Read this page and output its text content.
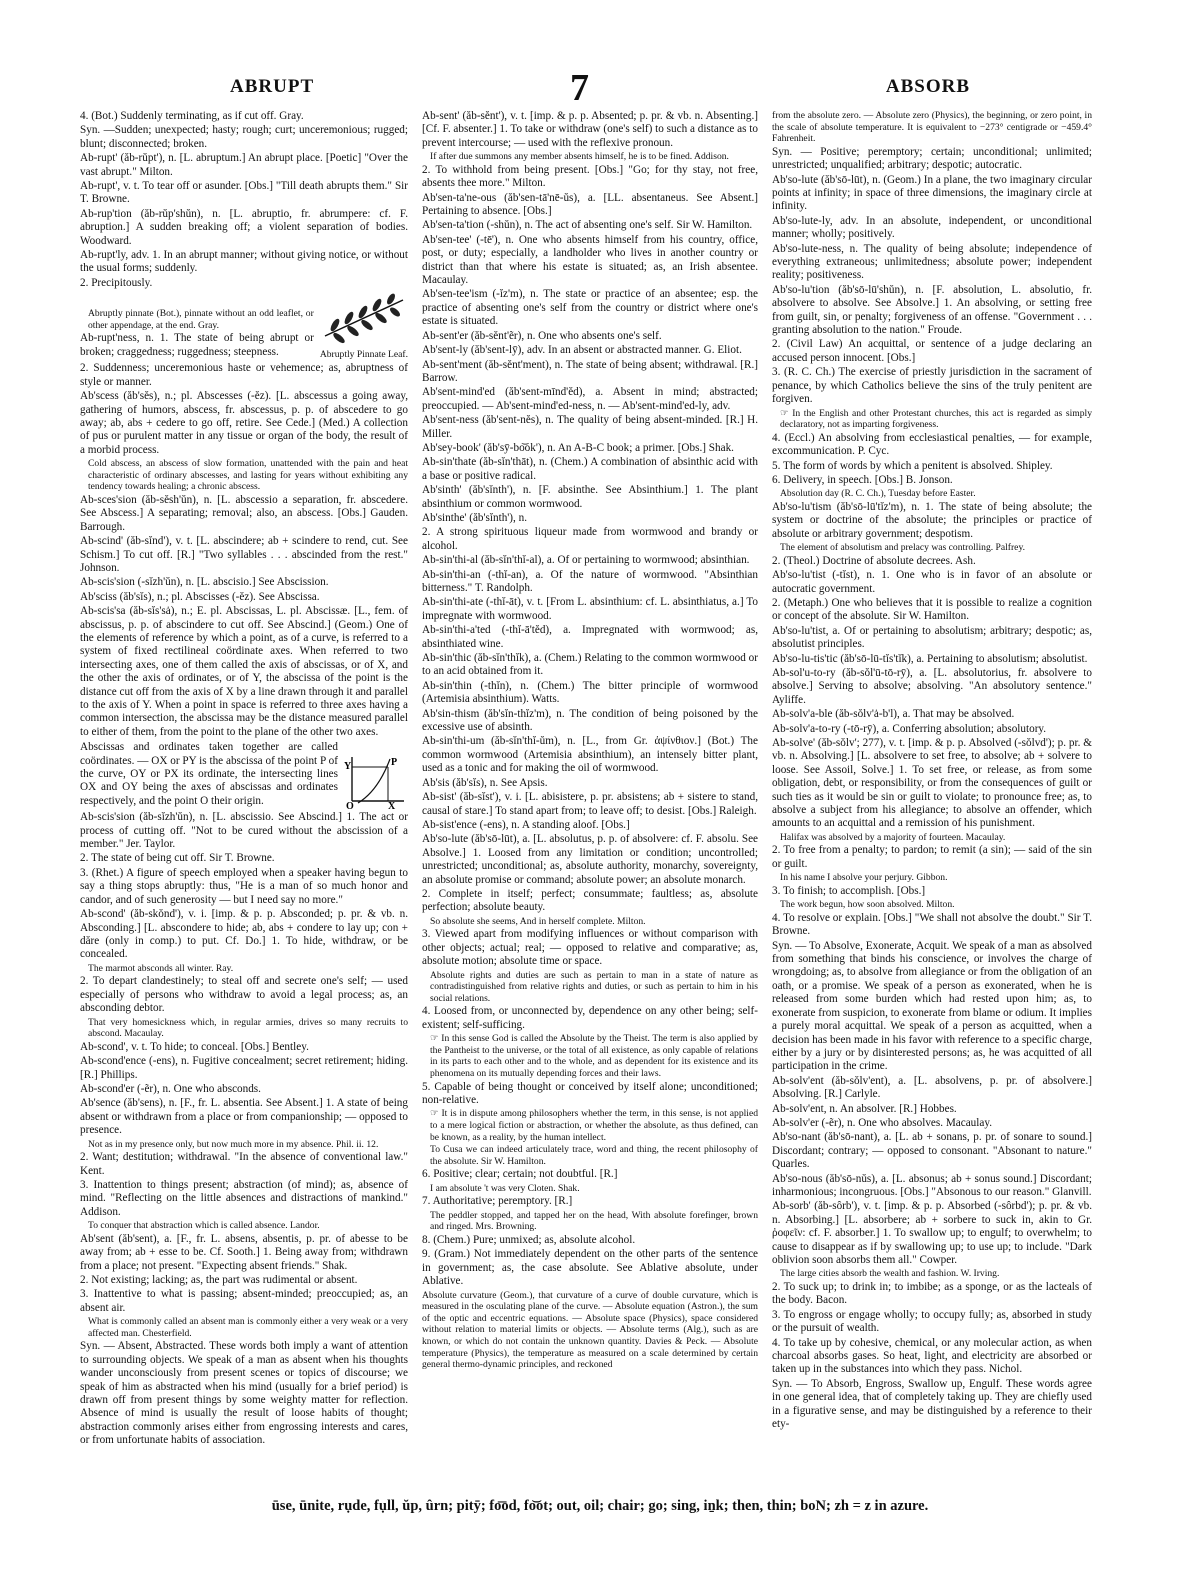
ABRUPT	7	ABSORB

4. (Bot.) Suddenly terminating, as if cut off. Gray.

Syn. —Sudden; unexpected; hasty; rough; curt; unceremonious; rugged; blunt; disconnected; broken.

Ab-rupt' (ăb-rŭpt'), n. [L. abruptum.] An abrupt place. [Poetic] "Over the vast abrupt." Milton.

Ab-rupt', v. t. To tear off or asunder. [Obs.] "Till death abrupts them." Sir T. Browne.

Ab-rup'tion (ăb-rŭp'shŭn), n. [L. abruptio, fr. abrumpere: cf. F. abruption.] A sudden breaking off; a violent separation of bodies. Woodward.

Ab-rupt'ly, adv. 1. In an abrupt manner; without giving notice, or without the usual forms; suddenly.

2. Precipitously.

Abruptly pinnate (Bot.), pinnate without an odd leaflet, or other appendage, at the end. Gray.

Ab-rupt'ness, n. 1. The state of being abrupt or broken; craggedness; ruggedness; steepness.	Abruptly Pinnate Leaf.

2. Suddenness; unceremonious haste or vehemence; as, abruptness of style or manner.

Ab'scess (ăb'sĕs), n.; pl. Abscesses (-ĕz). [L. abscessus a going away, gathering of humors, abscess, fr. abscessus, p. p. of abscedere to go away; ab, abs + cedere to go off, retire. See Cede.] (Med.) A collection of pus or purulent matter in any tissue or organ of the body, the result of a morbid process.

Cold abscess, an abscess of slow formation, unattended with the pain and heat characteristic of ordinary abscesses, and lasting for years without exhibiting any tendency towards healing; a chronic abscess.

Ab-sces'sion (ăb-sĕsh'ŭn), n. [L. abscessio a separation, fr. abscedere. See Abscess.] A separating; removal; also, an abscess. [Obs.] Gauden. Barrough.

Ab-scind' (ăb-sĭnd'), v. t. [L. abscindere; ab + scindere to rend, cut. See Schism.] To cut off. [R.] "Two syllables . . . abscinded from the rest." Johnson.

Ab-scis'sion (-sĭzh'ŭn), n. [L. abscisio.] See Abscission.

Ab'sciss (ăb'sĭs), n.; pl. Abscisses (-ĕz). See Abscissa.

Ab-scis'sa (ăb-sĭs'sȧ), n.; E. pl. Abscissas, L. pl. Abscissæ. [L., fem. of abscissus, p. p. of abscindere to cut off. See Abscind.] (Geom.) One of the elements of reference by which a point, as of a curve, is referred to a system of fixed rectilineal coördinate axes. When referred to two intersecting axes, one of them called the axis of abscissas, or of X, and the other the axis of ordinates, or of Y, the abscissa of the point is the distance cut off from the axis of X by a line drawn through it and parallel to the axis of Y. When a point in space is referred to three axes having a common intersection, the abscissa may be the distance measured parallel to either of them, from the point to the plane of the other two axes.

Abscissas and ordinates taken together are called coördinates. — OX or PY is the abscissa of the point P of the curve, OY or PX its ordinate, the intersecting lines OX and OY being the axes of abscissas and ordinates respectively, and the point O their origin.

Y	P
X
O

Ab-scis'sion (ăb-sĭzh'ŭn), n. [L. abscissio. See Abscind.] 1. The act or process of cutting off. "Not to be cured without the abscission of a member." Jer. Taylor.

2. The state of being cut off. Sir T. Browne.

3. (Rhet.) A figure of speech employed when a speaker having begun to say a thing stops abruptly: thus, "He is a man of so much honor and candor, and of such generosity — but I need say no more."

Ab-scond' (ăb-skŏnd'), v. i. [imp. & p. p. Absconded; p. pr. & vb. n. Absconding.] [L. abscondere to hide; ab, abs + condere to lay up; con + dăre (only in comp.) to put. Cf. Do.] 1. To hide, withdraw, or be concealed.

The marmot absconds all winter. Ray.

2. To depart clandestinely; to steal off and secrete one's self; — used especially of persons who withdraw to avoid a legal process; as, an absconding debtor.

That very homesickness which, in regular armies, drives so many recruits to abscond. Macaulay.

Ab-scond', v. t. To hide; to conceal. [Obs.] Bentley.

Ab-scond'ence (-ens), n. Fugitive concealment; secret retirement; hiding. [R.] Phillips.

Ab-scond'er (-ẽr), n. One who absconds.

Ab'sence (ăb'sens), n. [F., fr. L. absentia. See Absent.] 1. A state of being absent or withdrawn from a place or from companionship; — opposed to presence.

Not as in my presence only, but now much more in my absence. Phil. ii. 12.

2. Want; destitution; withdrawal. "In the absence of conventional law." Kent.

3. Inattention to things present; abstraction (of mind); as, absence of mind. "Reflecting on the little absences and distractions of mankind." Addison.

To conquer that abstraction which is called absence. Landor.

Ab'sent (ăb'sent), a. [F., fr. L. absens, absentis, p. pr. of abesse to be away from; ab + esse to be. Cf. Sooth.] 1. Being away from; withdrawn from a place; not present. "Expecting absent friends." Shak.

2. Not existing; lacking; as, the part was rudimental or absent.

3. Inattentive to what is passing; absent-minded; preoccupied; as, an absent air.

What is commonly called an absent man is commonly either a very weak or a very affected man. Chesterfield.

Syn. — Absent, Abstracted. These words both imply a want of attention to surrounding objects. We speak of a man as absent when his thoughts wander unconsciously from present scenes or topics of discourse; we speak of him as abstracted when his mind (usually for a brief period) is drawn off from present things by some weighty matter for reflection. Absence of mind is usually the result of loose habits of thought; abstraction commonly arises either from engrossing interests and cares, or from unfortunate habits of association.

Ab-sent' (ăb-sĕnt'), v. t. [imp. & p. p. Absented; p. pr. & vb. n. Absenting.] [Cf. F. absenter.] 1. To take or withdraw (one's self) to such a distance as to prevent intercourse; — used with the reflexive pronoun.

If after due summons any member absents himself, he is to be fined. Addison.

2. To withhold from being present. [Obs.] "Go; for thy stay, not free, absents thee more." Milton.

Ab'sen-ta'ne-ous (ăb'sen-tā'nē-ŭs), a. [LL. absentaneus. See Absent.] Pertaining to absence. [Obs.]

Ab'sen-ta'tion (-shŭn), n. The act of absenting one's self. Sir W. Hamilton.

Ab'sen-tee' (-tē'), n. One who absents himself from his country, office, post, or duty; especially, a landholder who lives in another country or district than that where his estate is situated; as, an Irish absentee. Macaulay.

Ab'sen-tee'ism (-ĭz'm), n. The state or practice of an absentee; esp. the practice of absenting one's self from the country or district where one's estate is situated.

Ab-sent'er (ăb-sĕnt'ẽr), n. One who absents one's self.

Ab'sent-ly (ăb'sent-lȳ), adv. In an absent or abstracted manner. G. Eliot.

Ab-sent'ment (ăb-sĕnt'ment), n. The state of being absent; withdrawal. [R.] Barrow.

Ab'sent-mind'ed (ăb'sent-mīnd'ĕd), a. Absent in mind; abstracted; preoccupied. — Ab'sent-mind'ed-ness, n. — Ab'sent-mind'ed-ly, adv.

Ab'sent-ness (ăb'sent-nĕs), n. The quality of being absent-minded. [R.] H. Miller.

Ab'sey-book' (ăb'sȳ-bo͝ok'), n. An A-B-C book; a primer. [Obs.] Shak.

Ab-sin'thate (ăb-sĭn'thāt), n. (Chem.) A combination of absinthic acid with a base or positive radical.

Ab'sinth' (ăb'sĭnth'), n. [F. absinthe. See Absinthium.] 1. The plant absinthium or common wormwood.

Ab'sinthe' (ăb'sĭnth'), n.

2. A strong spirituous liqueur made from wormwood and brandy or alcohol.

Ab-sin'thi-al (ăb-sĭn'thĭ-al), a. Of or pertaining to wormwood; absinthian.

Ab-sin'thi-an (-thĭ-an), a. Of the nature of wormwood. "Absinthian bitterness." T. Randolph.

Ab-sin'thi-ate (-thĭ-āt), v. t. [From L. absinthium: cf. L. absinthiatus, a.] To impregnate with wormwood.

Ab-sin'thi-a'ted (-thĭ-ā'tĕd), a. Impregnated with wormwood; as, absinthiated wine.

Ab-sin'thic (ăb-sĭn'thĭk), a. (Chem.) Relating to the common wormwood or to an acid obtained from it.

Ab-sin'thin (-thĭn), n. (Chem.) The bitter principle of wormwood (Artemisia absinthium). Watts.

Ab'sin-thism (ăb'sĭn-thĭz'm), n. The condition of being poisoned by the excessive use of absinth.

Ab-sin'thi-um (ăb-sĭn'thĭ-ŭm), n. [L., from Gr. ἀψίνθιον.] (Bot.) The common wormwood (Artemisia absinthium), an intensely bitter plant, used as a tonic and for making the oil of wormwood.

Ab'sis (ăb'sĭs), n. See Apsis.

Ab-sist' (ăb-sĭst'), v. i. [L. abisistere, p. pr. absistens; ab + sistere to stand, causal of stare.] To stand apart from; to leave off; to desist. [Obs.] Raleigh.

Ab-sist'ence (-ens), n. A standing aloof. [Obs.]

Ab'so-lute (ăb'sō-lūt), a. [L. absolutus, p. p. of absolvere: cf. F. absolu. See Absolve.] 1. Loosed from any limitation or condition; uncontrolled; unrestricted; unconditional; as, absolute authority, monarchy, sovereignty, an absolute promise or command; absolute power; an absolute monarch.

2. Complete in itself; perfect; consummate; faultless; as, absolute perfection; absolute beauty.

So absolute she seems, And in herself complete. Milton.

3. Viewed apart from modifying influences or without comparison with other objects; actual; real; — opposed to relative and comparative; as, absolute motion; absolute time or space.

Absolute rights and duties are such as pertain to man in a state of nature as contradistinguished from relative rights and duties, or such as pertain to him in his social relations.

4. Loosed from, or unconnected by, dependence on any other being; self-existent; self-sufficing.

☞ In this sense God is called the Absolute by the Theist. The term is also applied by the Pantheist to the universe, or the total of all existence, as only capable of relations in its parts to each other and to the whole, and as dependent for its existence and its phenomena on its mutually depending forces and their laws.

5. Capable of being thought or conceived by itself alone; unconditioned; non-relative.

☞ It is in dispute among philosophers whether the term, in this sense, is not applied to a mere logical fiction or abstraction, or whether the absolute, as thus defined, can be known, as a reality, by the human intellect.

To Cusa we can indeed articulately trace, word and thing, the recent philosophy of the absolute. Sir W. Hamilton.

6. Positive; clear; certain; not doubtful. [R.]

I am absolute 't was very Cloten. Shak.

7. Authoritative; peremptory. [R.]

The peddler stopped, and tapped her on the head, With absolute forefinger, brown and ringed. Mrs. Browning.

8. (Chem.) Pure; unmixed; as, absolute alcohol.

9. (Gram.) Not immediately dependent on the other parts of the sentence in government; as, the case absolute. See Ablative absolute, under Ablative.

Absolute curvature (Geom.), that curvature of a curve of double curvature, which is measured in the osculating plane of the curve. — Absolute equation (Astron.), the sum of the optic and eccentric equations. — Absolute space (Physics), space considered without relation to material limits or objects. — Absolute terms (Alg.), such as are known, or which do not contain the unknown quantity. Davies & Peck. — Absolute temperature (Physics), the temperature as measured on a scale determined by certain general thermo-dynamic principles, and reckoned

from the absolute zero. — Absolute zero (Physics), the beginning, or zero point, in the scale of absolute temperature. It is equivalent to −273° centigrade or −459.4° Fahrenheit.

Syn. — Positive; peremptory; certain; unconditional; unlimited; unrestricted; unqualified; arbitrary; despotic; autocratic.

Ab'so-lute (ăb'sō-lūt), n. (Geom.) In a plane, the two imaginary circular points at infinity; in space of three dimensions, the imaginary circle at infinity.

Ab'so-lute-ly, adv. In an absolute, independent, or unconditional manner; wholly; positively.

Ab'so-lute-ness, n. The quality of being absolute; independence of everything extraneous; unlimitedness; absolute power; independent reality; positiveness.

Ab'so-lu'tion (ăb'sō-lū'shŭn), n. [F. absolution, L. absolutio, fr. absolvere to absolve. See Absolve.] 1. An absolving, or setting free from guilt, sin, or penalty; forgiveness of an offense. "Government . . . granting absolution to the nation." Froude.

2. (Civil Law) An acquittal, or sentence of a judge declaring an accused person innocent. [Obs.]

3. (R. C. Ch.) The exercise of priestly jurisdiction in the sacrament of penance, by which Catholics believe the sins of the truly penitent are forgiven.

☞ In the English and other Protestant churches, this act is regarded as simply declaratory, not as imparting forgiveness.

4. (Eccl.) An absolving from ecclesiastical penalties, — for example, excommunication. P. Cyc.

5. The form of words by which a penitent is absolved. Shipley.

6. Delivery, in speech. [Obs.] B. Jonson.

Absolution day (R. C. Ch.), Tuesday before Easter.

Ab'so-lu'tism (ăb'sō-lū'tĭz'm), n. 1. The state of being absolute; the system or doctrine of the absolute; the principles or practice of absolute or arbitrary government; despotism.

The element of absolutism and prelacy was controlling. Palfrey.

2. (Theol.) Doctrine of absolute decrees. Ash.

Ab'so-lu'tist (-tĭst), n. 1. One who is in favor of an absolute or autocratic government.

2. (Metaph.) One who believes that it is possible to realize a cognition or concept of the absolute. Sir W. Hamilton.

Ab'so-lu'tist, a. Of or pertaining to absolutism; arbitrary; despotic; as, absolutist principles.

Ab'so-lu-tis'tic (ăb'sō-lū-tĭs'tĭk), a. Pertaining to absolutism; absolutist.

Ab-sol'u-to-ry (ăb-sŏl'ū-tō-rȳ), a. [L. absolutorius, fr. absolvere to absolve.] Serving to absolve; absolving. "An absolutory sentence." Ayliffe.

Ab-solv'a-ble (ăb-sŏlv'ȧ-b'l), a. That may be absolved.

Ab-solv'a-to-ry (-tō-rȳ), a. Conferring absolution; absolutory.

Ab-solve' (ăb-sŏlv'; 277), v. t. [imp. & p. p. Absolved (-sŏlvd'); p. pr. & vb. n. Absolving.] [L. absolvere to set free, to absolve; ab + solvere to loose. See Assoil, Solve.] 1. To set free, or release, as from some obligation, debt, or responsibility, or from the consequences of guilt or such ties as it would be sin or guilt to violate; to pronounce free; as, to absolve a subject from his allegiance; to absolve an offender, which amounts to an acquittal and a remission of his punishment.

Halifax was absolved by a majority of fourteen. Macaulay.

2. To free from a penalty; to pardon; to remit (a sin); — said of the sin or guilt.

In his name I absolve your perjury. Gibbon.

3. To finish; to accomplish. [Obs.]

The work begun, how soon absolved. Milton.

4. To resolve or explain. [Obs.] "We shall not absolve the doubt." Sir T. Browne.

Syn. — To Absolve, Exonerate, Acquit. We speak of a man as absolved from something that binds his conscience, or involves the charge of wrongdoing; as, to absolve from allegiance or from the obligation of an oath, or a promise. We speak of a person as exonerated, when he is released from some burden which had rested upon him; as, to exonerate from suspicion, to exonerate from blame or odium. It implies a purely moral acquittal. We speak of a person as acquitted, when a decision has been made in his favor with reference to a specific charge, either by a jury or by disinterested persons; as, he was acquitted of all participation in the crime.

Ab-solv'ent (ăb-sŏlv'ent), a. [L. absolvens, p. pr. of absolvere.] Absolving. [R.] Carlyle.

Ab-solv'ent, n. An absolver. [R.] Hobbes.

Ab-solv'er (-ẽr), n. One who absolves. Macaulay.

Ab'so-nant (ăb'sō-nant), a. [L. ab + sonans, p. pr. of sonare to sound.] Discordant; contrary; — opposed to consonant. "Absonant to nature." Quarles.

Ab'so-nous (ăb'sō-nŭs), a. [L. absonus; ab + sonus sound.] Discordant; inharmonious; incongruous. [Obs.] "Absonous to our reason." Glanvill.

Ab-sorb' (ăb-sôrb'), v. t. [imp. & p. p. Absorbed (-sôrbd'); p. pr. & vb. n. Absorbing.] [L. absorbere; ab + sorbere to suck in, akin to Gr. ῥοφεῖν: cf. F. absorber.] 1. To swallow up; to engulf; to overwhelm; to cause to disappear as if by swallowing up; to use up; to include. "Dark oblivion soon absorbs them all." Cowper.

The large cities absorb the wealth and fashion. W. Irving.

2. To suck up; to drink in; to imbibe; as a sponge, or as the lacteals of the body. Bacon.

3. To engross or engage wholly; to occupy fully; as, absorbed in study or the pursuit of wealth.

4. To take up by cohesive, chemical, or any molecular action, as when charcoal absorbs gases. So heat, light, and electricity are absorbed or taken up in the substances into which they pass. Nichol.

Syn. — To Absorb, Engross, Swallow up, Engulf. These words agree in one general idea, that of completely taking up. They are chiefly used in a figurative sense, and may be distinguished by a reference to their ety-

ūse, ūnite, rụde, fụll, ŭp, ûrn; pitȳ; fo͞od, fo͝ot; out, oil; chair; go; sing, iṉk; then, thin; boN; zh = z in azure.
